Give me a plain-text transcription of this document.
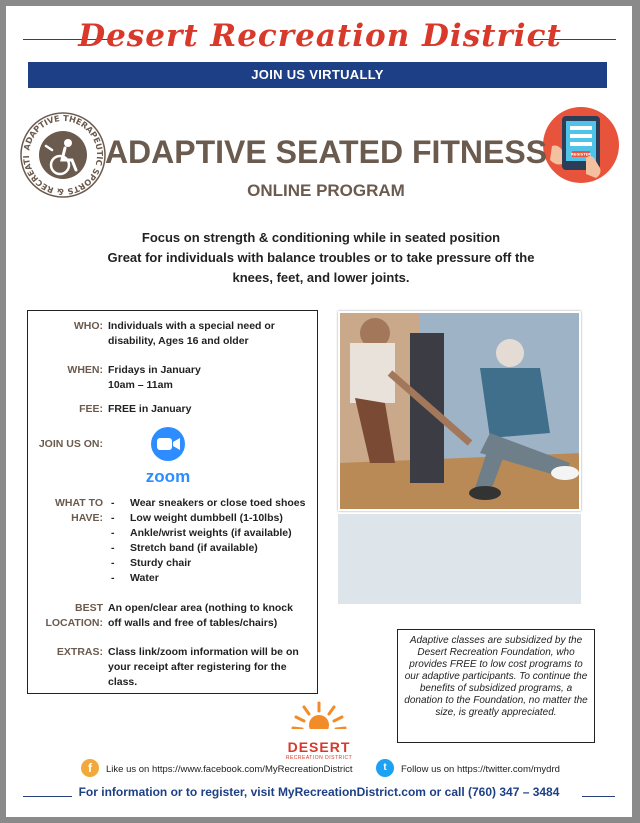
Desert Recreation District
JOIN US VIRTUALLY
ADAPTIVE THERAPEUTIC SPORTS & RECREATI
REGISTER
ADAPTIVE SEATED FITNESS
ONLINE PROGRAM
Focus on strength & conditioning while in seated position
Great for individuals with balance troubles or to take pressure off the
knees, feet, and lower joints.
WHO: Individuals with a special need or
disability, Ages 16 and older
WHEN: Fridays in January
10am – 11am
FEE: FREE in January
JOIN US ON:
zoom
WHAT TO
HAVE:
- Wear sneakers or close toed shoes
- Low weight dumbbell (1-10lbs)
- Ankle/wrist weights (if available)
- Stretch band (if available)
- Sturdy chair
- Water
BEST
LOCATION:
An open/clear area (nothing to knock
off walls and free of tables/chairs)
EXTRAS: Class link/zoom information will be on
your receipt after registering for the
class.
Adaptive classes are subsidized by the Desert Recreation Foundation, who provides FREE to low cost programs to our adaptive participants. To continue the benefits of subsidized programs, a donation to the Foundation, no matter the size, is greatly appreciated.
DESERT
RECREATION DISTRICT
f	Like us on https://www.facebook.com/MyRecreationDistrict	t	Follow us on https://twitter.com/mydrd
For information or to register, visit MyRecreationDistrict.com or call (760) 347 – 3484
